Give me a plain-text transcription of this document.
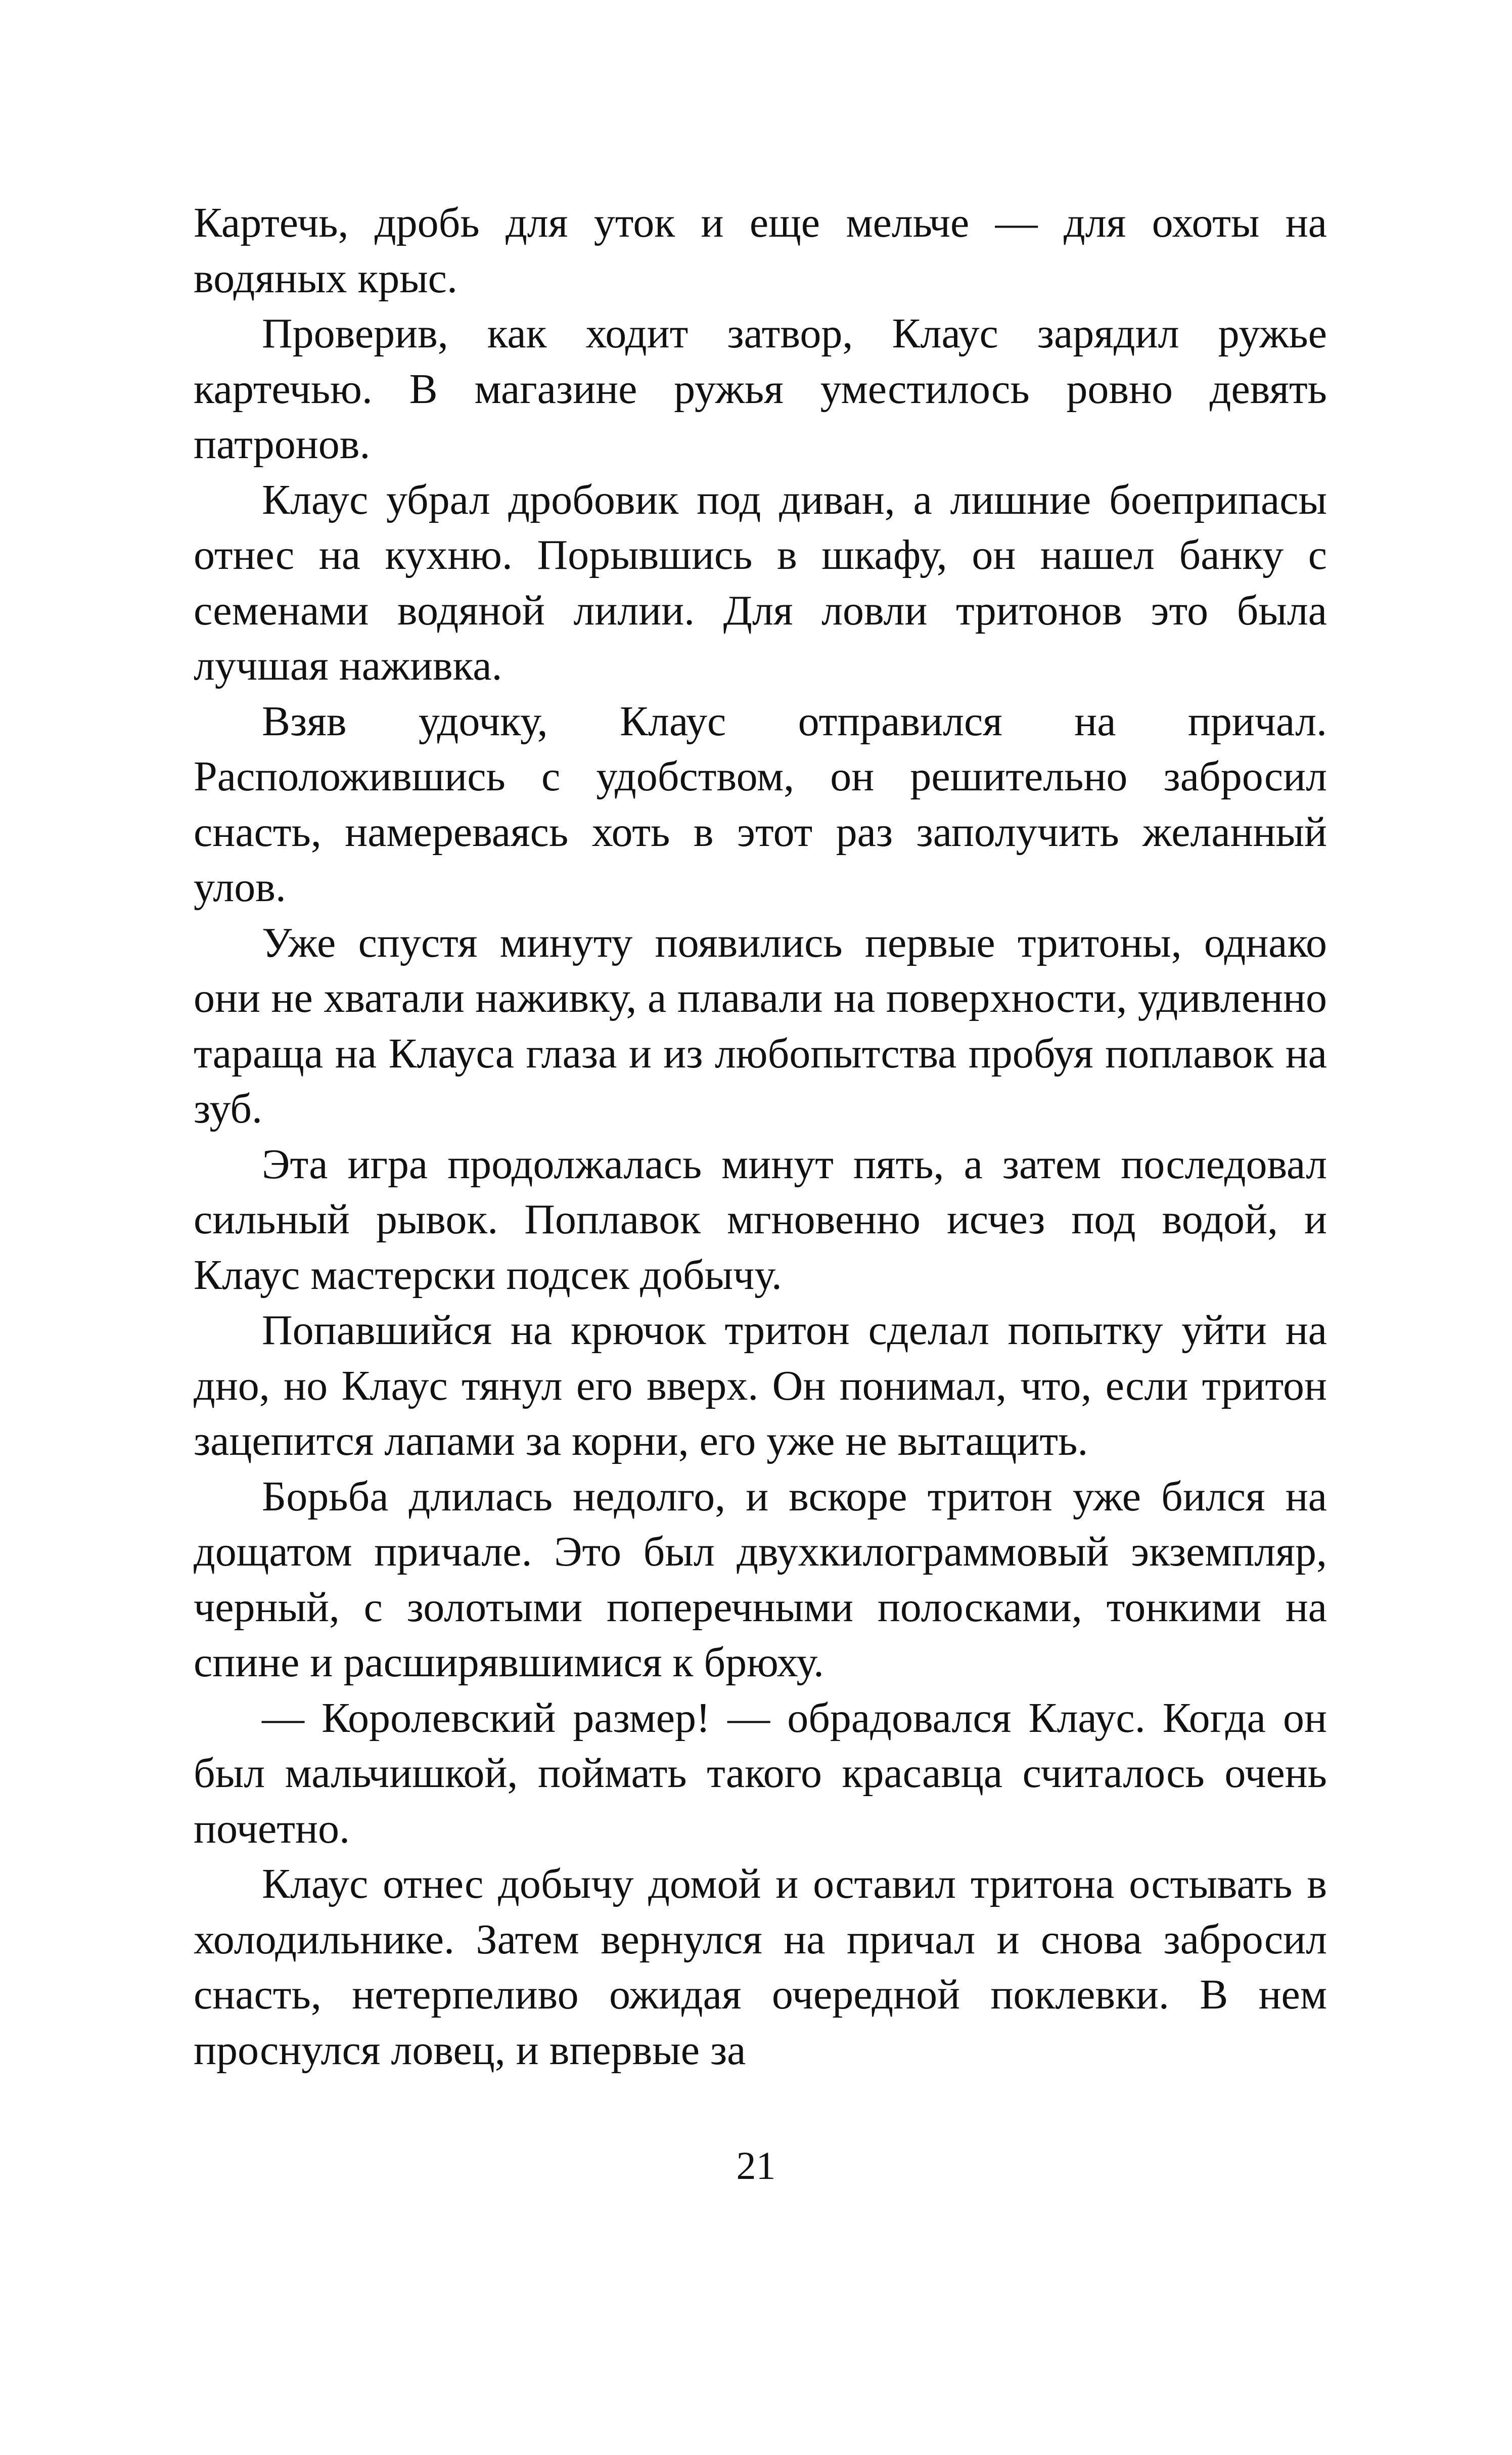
Картечь, дробь для уток и еще мельче — для охоты на водяных крыс.

Проверив, как ходит затвор, Клаус зарядил ружье картечью. В магазине ружья уместилось ровно девять патронов.

Клаус убрал дробовик под диван, а лишние боеприпасы отнес на кухню. Порывшись в шкафу, он нашел банку с семенами водяной лилии. Для ловли тритонов это была лучшая наживка.

Взяв удочку, Клаус отправился на причал. Расположившись с удобством, он решительно забросил снасть, намереваясь хоть в этот раз заполучить желанный улов.

Уже спустя минуту появились первые тритоны, однако они не хватали наживку, а плавали на поверхности, удивленно тараща на Клауса глаза и из любопытства пробуя поплавок на зуб.

Эта игра продолжалась минут пять, а затем последовал сильный рывок. Поплавок мгновенно исчез под водой, и Клаус мастерски подсек добычу.

Попавшийся на крючок тритон сделал попытку уйти на дно, но Клаус тянул его вверх. Он понимал, что, если тритон зацепится лапами за корни, его уже не вытащить.

Борьба длилась недолго, и вскоре тритон уже бился на дощатом причале. Это был двухкилограммовый экземпляр, черный, с золотыми поперечными полосками, тонкими на спине и расширявшимися к брюху.

— Королевский размер! — обрадовался Клаус. Когда он был мальчишкой, поймать такого красавца считалось очень почетно.

Клаус отнес добычу домой и оставил тритона остывать в холодильнике. Затем вернулся на причал и снова забросил снасть, нетерпеливо ожидая очередной поклевки. В нем проснулся ловец, и впервые за

21
